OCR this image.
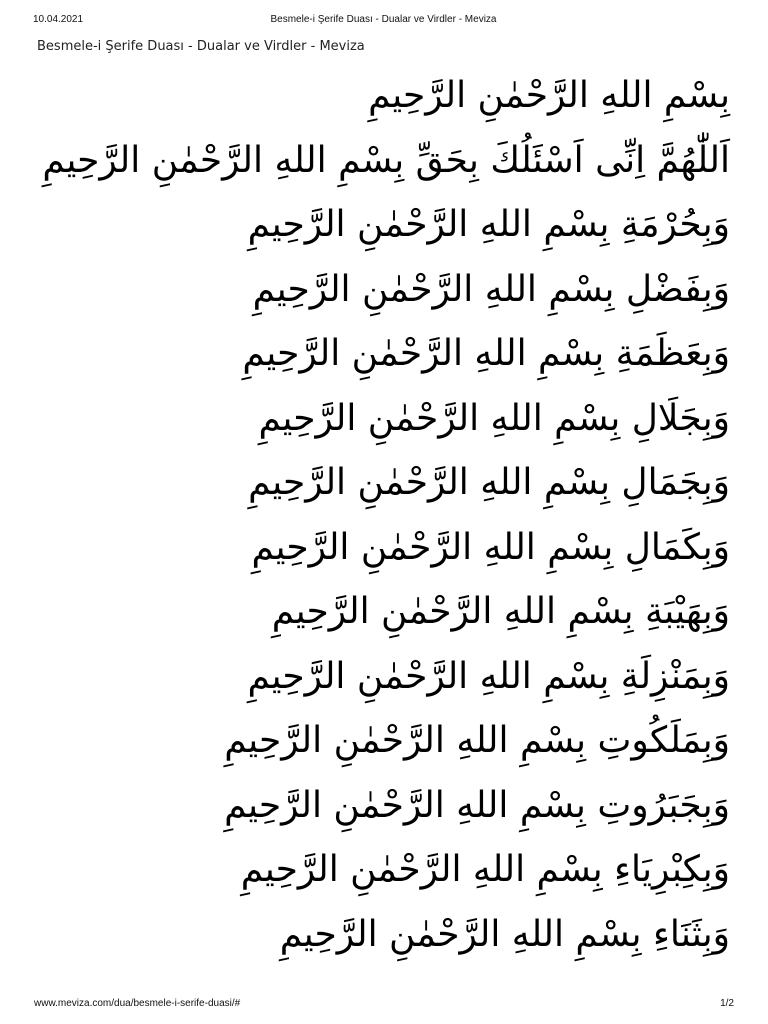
10.04.2021	Besmele-i Şerife Duası - Dualar ve Virdler - Meviza
Besmele-i Şerife Duası - Dualar ve Virdler - Meviza
بِسْمِ اللهِ الرَّحْمٰنِ الرَّحِيمِ
اَللّٰهُمَّ اِنِّى اَسْئَلُكَ بِحَقِّ بِسْمِ اللهِ الرَّحْمٰنِ الرَّحِيمِ
وَبِحُرْمَةِ بِسْمِ اللهِ الرَّحْمٰنِ الرَّحِيمِ
وَبِفَضْلِ بِسْمِ اللهِ الرَّحْمٰنِ الرَّحِيمِ
وَبِعَظَمَةِ بِسْمِ اللهِ الرَّحْمٰنِ الرَّحِيمِ
وَبِجَلَالِ بِسْمِ اللهِ الرَّحْمٰنِ الرَّحِيمِ
وَبِجَمَالِ بِسْمِ اللهِ الرَّحْمٰنِ الرَّحِيمِ
وَبِكَمَالِ بِسْمِ اللهِ الرَّحْمٰنِ الرَّحِيمِ
وَبِهَيْبَةِ بِسْمِ اللهِ الرَّحْمٰنِ الرَّحِيمِ
وَبِمَنْزِلَةِ بِسْمِ اللهِ الرَّحْمٰنِ الرَّحِيمِ
وَبِمَلَكُوتِ بِسْمِ اللهِ الرَّحْمٰنِ الرَّحِيمِ
وَبِجَبَرُوتِ بِسْمِ اللهِ الرَّحْمٰنِ الرَّحِيمِ
وَبِكِبْرِيَاءِ بِسْمِ اللهِ الرَّحْمٰنِ الرَّحِيمِ
وَبِثَنَاءِ بِسْمِ اللهِ الرَّحْمٰنِ الرَّحِيمِ
www.meviza.com/dua/besmele-i-serife-duasi/#	1/2
